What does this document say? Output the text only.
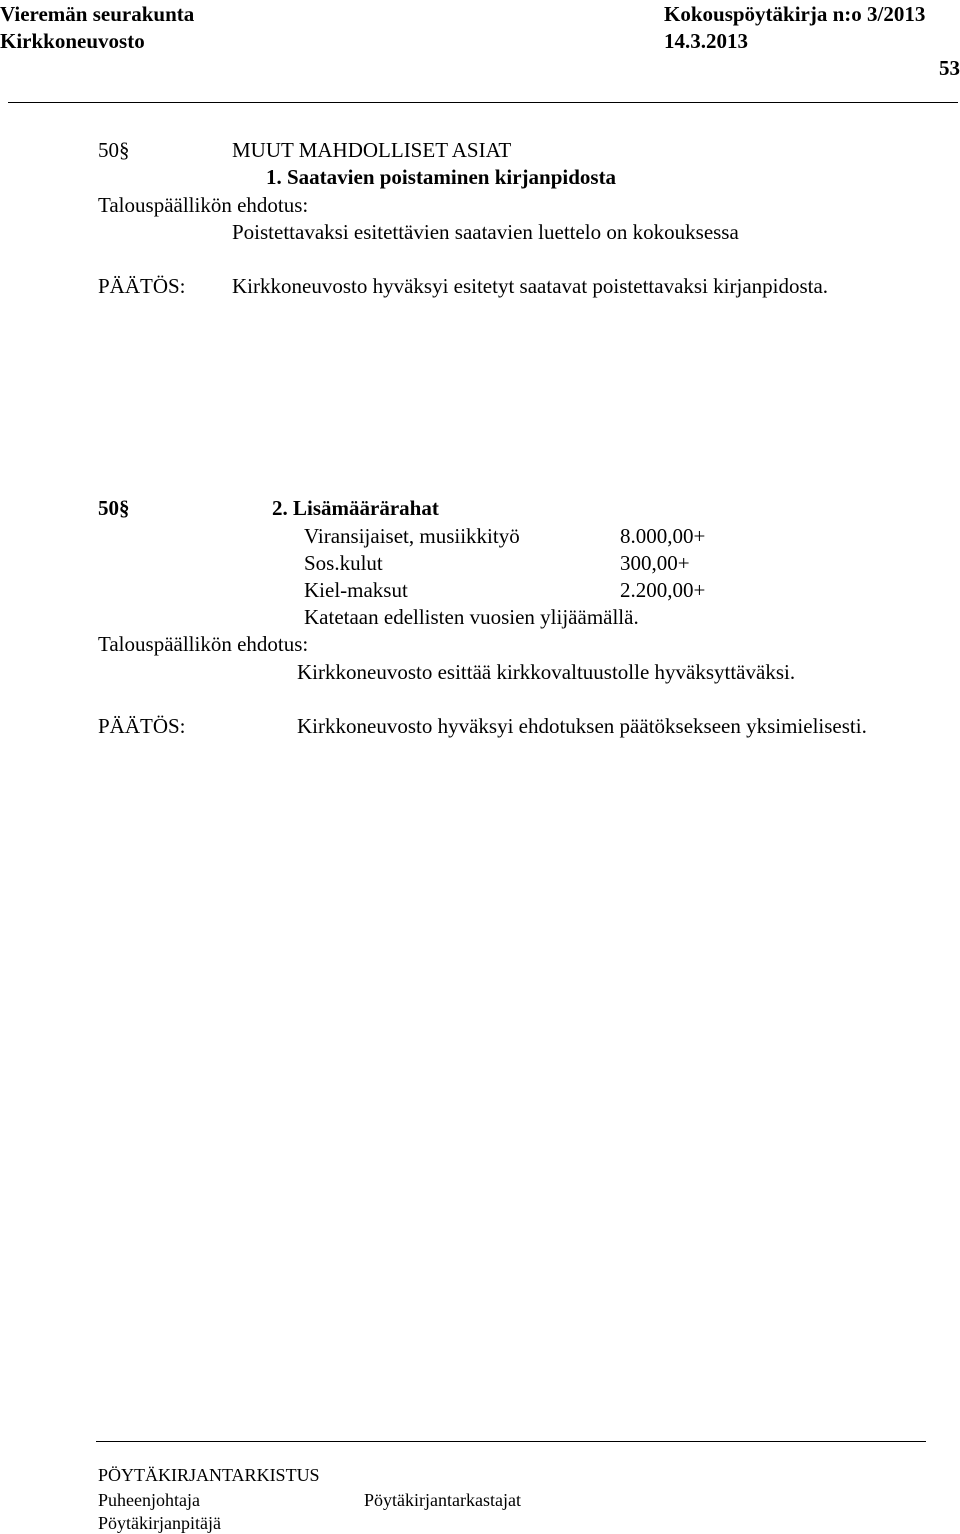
Vieremän seurakunta	Kokouspöytäkirja n:o 3/2013
Kirkkoneuvosto	14.3.2013
53
50§	MUUT MAHDOLLISET ASIAT
1. Saatavien poistaminen kirjanpidosta
Talouspäällikön ehdotus:
Poistettavaksi esitettävien saatavien luettelo on kokouksessa
PÄÄTÖS: Kirkkoneuvosto hyväksyi esitetyt saatavat poistettavaksi kirjanpidosta.
50§	2. Lisämäärärahat
Viransijaiset, musiikkityö	8.000,00+
Sos.kulut	300,00+
Kiel-maksut	2.200,00+
Katetaan edellisten vuosien ylijäämällä.
Talouspäällikön ehdotus:
Kirkkoneuvosto esittää kirkkovaltuustolle hyväksyttäväksi.
PÄÄTÖS:	Kirkkoneuvosto hyväksyi ehdotuksen päätöksekseen yksimielisesti.
PÖYTÄKIRJANTARKISTUS
Puheenjohtaja	Pöytäkirjantarkastajat
Pöytäkirjanpitäjä
